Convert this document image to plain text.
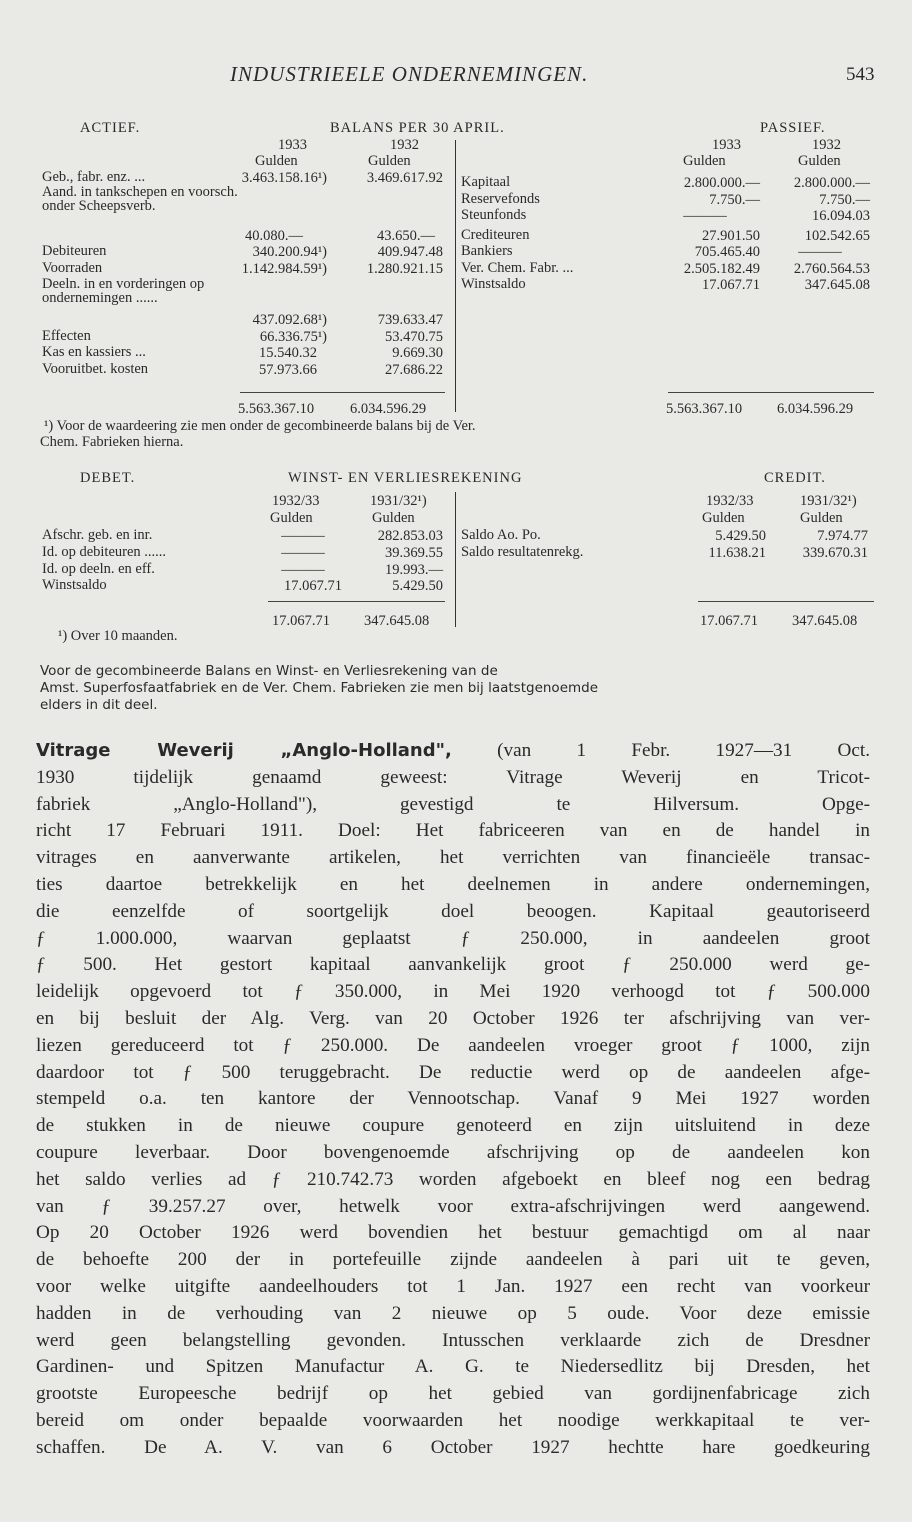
INDUSTRIEELE ONDERNEMINGEN.	543
ACTIEF.	BALANS PER 30 APRIL.	PASSIEF.
1933	1932
Gulden	Gulden
1933	1932
Gulden	Gulden
Geb., fabr. enz. ...	3.463.158.16¹)	3.469.617.92
Aand. in tankschepen en voorsch. onder Scheepsverb.
40.080.—	43.650.—
Debiteuren	340.200.94¹)	409.947.48
Voorraden	1.142.984.59¹)	1.280.921.15
Deeln. in en vorderingen op ondernemingen ......
437.092.68¹)	739.633.47
Effecten	66.336.75¹)	53.470.75
Kas en kassiers ...	15.540.32	9.669.30
Vooruitbet. kosten	57.973.66	27.686.22
5.563.367.10 6.034.596.29
Kapitaal	2.800.000.—	2.800.000.—
Reservefonds	7.750.—	7.750.—
Steunfonds	———	16.094.03
Crediteuren	27.901.50	102.542.65
Bankiers	705.465.40	———
Ver. Chem. Fabr. ...	2.505.182.49	2.760.564.53
Winstsaldo	17.067.71	347.645.08
5.563.367.10 6.034.596.29
¹) Voor de waardeering zie men onder de gecombineerde balans bij de Ver.
Chem. Fabrieken hierna.
DEBET.	WINST- EN VERLIESREKENING	CREDIT.
1932/33	1931/32¹)
Gulden	Gulden
1932/33	1931/32¹)
Gulden	Gulden
Afschr. geb. en inr.	———	282.853.03
Id. op debiteuren ......	———	39.369.55
Id. op deeln. en eff.	———	19.993.—
Winstsaldo	17.067.71	5.429.50
17.067.71 347.645.08
Saldo Ao. Po.	5.429.50	7.974.77
Saldo resultatenrekg.	11.638.21	339.670.31
17.067.71 347.645.08
¹) Over 10 maanden.
Voor de gecombineerde Balans en Winst- en Verliesrekening van de
Amst. Superfosfaatfabriek en de Ver. Chem. Fabrieken zie men bij laatstgenoemde
elders in dit deel.
Vitrage Weverij „Anglo-Holland", (van 1 Febr. 1927—31 Oct.
1930 tijdelijk genaamd geweest: Vitrage Weverij en Tricot-
fabriek „Anglo-Holland"), gevestigd te Hilversum. Opge-
richt 17 Februari 1911. Doel: Het fabriceeren van en de handel in
vitrages en aanverwante artikelen, het verrichten van financieële transac-
ties daartoe betrekkelijk en het deelnemen in andere ondernemingen,
die eenzelfde of soortgelijk doel beoogen. Kapitaal geautoriseerd
ƒ 1.000.000, waarvan geplaatst ƒ 250.000, in aandeelen groot
ƒ 500. Het gestort kapitaal aanvankelijk groot ƒ 250.000 werd ge-
leidelijk opgevoerd tot ƒ 350.000, in Mei 1920 verhoogd tot ƒ 500.000
en bij besluit der Alg. Verg. van 20 October 1926 ter afschrijving van ver-
liezen gereduceerd tot ƒ 250.000. De aandeelen vroeger groot ƒ 1000, zijn
daardoor tot ƒ 500 teruggebracht. De reductie werd op de aandeelen afge-
stempeld o.a. ten kantore der Vennootschap. Vanaf 9 Mei 1927 worden
de stukken in de nieuwe coupure genoteerd en zijn uitsluitend in deze
coupure leverbaar. Door bovengenoemde afschrijving op de aandeelen kon
het saldo verlies ad ƒ 210.742.73 worden afgeboekt en bleef nog een bedrag
van ƒ 39.257.27 over, hetwelk voor extra-afschrijvingen werd aangewend.
Op 20 October 1926 werd bovendien het bestuur gemachtigd om al naar
de behoefte 200 der in portefeuille zijnde aandeelen à pari uit te geven,
voor welke uitgifte aandeelhouders tot 1 Jan. 1927 een recht van voorkeur
hadden in de verhouding van 2 nieuwe op 5 oude. Voor deze emissie
werd geen belangstelling gevonden. Intusschen verklaarde zich de Dresdner
Gardinen- und Spitzen Manufactur A. G. te Niedersedlitz bij Dresden, het
grootste Europeesche bedrijf op het gebied van gordijnenfabricage zich
bereid om onder bepaalde voorwaarden het noodige werkkapitaal te ver-
schaffen. De A. V. van 6 October 1927 hechtte hare goedkeuring
